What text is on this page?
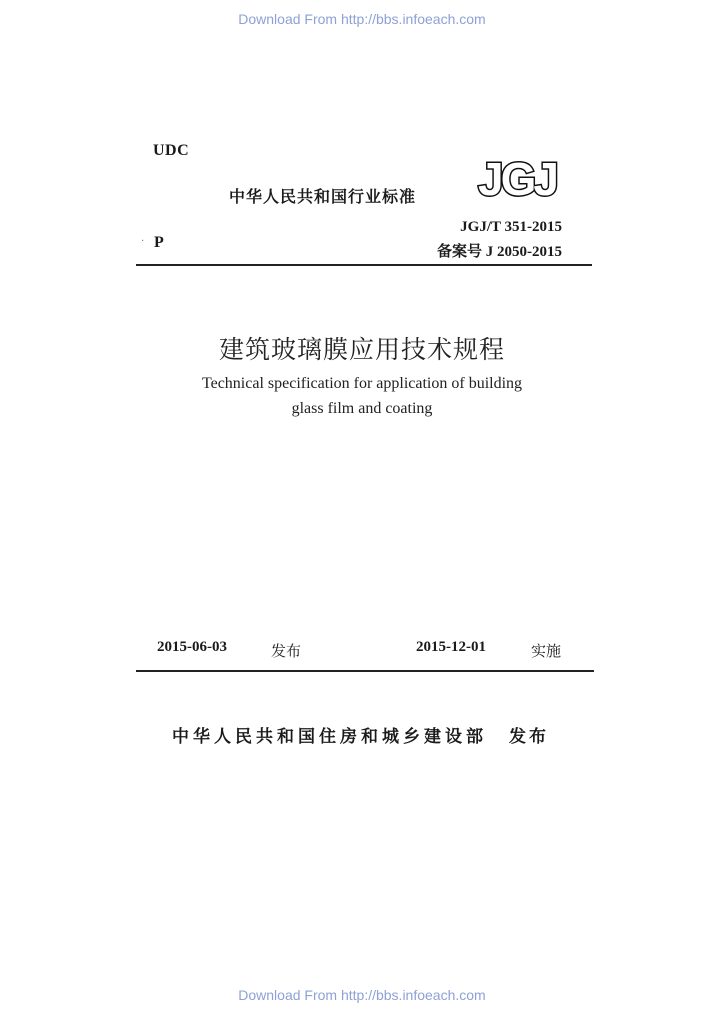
Download From http://bbs.infoeach.com
UDC
中华人民共和国行业标准 JGJ
JGJ/T 351-2015
· P
备案号 J 2050-2015
建筑玻璃膜应用技术规程
Technical specification for application of building
glass film and coating
2015-06-03	发布	2015-12-01	实施
中华人民共和国住房和城乡建设部 发布
Download From http://bbs.infoeach.com
